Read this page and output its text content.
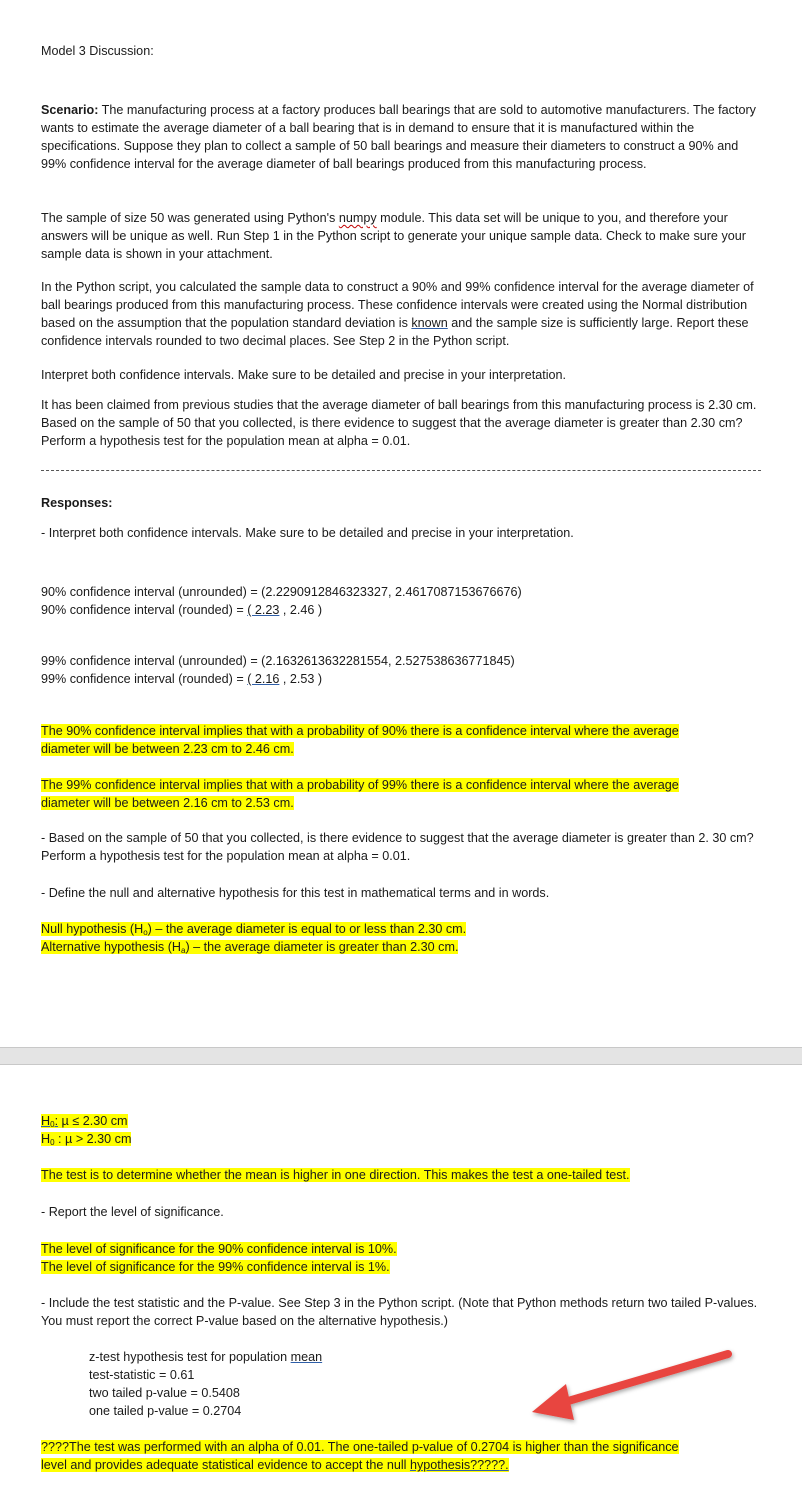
Model 3 Discussion:

Scenario: The manufacturing process at a factory produces ball bearings that are sold to automotive manufacturers. The factory wants to estimate the average diameter of a ball bearing that is in demand to ensure that it is manufactured within the specifications. Suppose they plan to collect a sample of 50 ball bearings and measure their diameters to construct a 90% and 99% confidence interval for the average diameter of ball bearings produced from this manufacturing process.

The sample of size 50 was generated using Python's numpy module. This data set will be unique to you, and therefore your answers will be unique as well. Run Step 1 in the Python script to generate your unique sample data. Check to make sure your sample data is shown in your attachment.

In the Python script, you calculated the sample data to construct a 90% and 99% confidence interval for the average diameter of ball bearings produced from this manufacturing process. These confidence intervals were created using the Normal distribution based on the assumption that the population standard deviation is known and the sample size is sufficiently large. Report these confidence intervals rounded to two decimal places. See Step 2 in the Python script.

Interpret both confidence intervals. Make sure to be detailed and precise in your interpretation.

It has been claimed from previous studies that the average diameter of ball bearings from this manufacturing process is 2.30 cm. Based on the sample of 50 that you collected, is there evidence to suggest that the average diameter is greater than 2.30 cm? Perform a hypothesis test for the population mean at alpha = 0.01.

Responses:

- Interpret both confidence intervals. Make sure to be detailed and precise in your interpretation.

90% confidence interval (unrounded) = (2.2290912846323327, 2.4617087153676676)
90% confidence interval (rounded) = ( 2.23 , 2.46 )

99% confidence interval (unrounded) = (2.1632613632281554, 2.527538636771845)
99% confidence interval (rounded) = ( 2.16 , 2.53 )

The 90% confidence interval implies that with a probability of 90% there is a confidence interval where the average
diameter will be between 2.23 cm to 2.46 cm.

The 99% confidence interval implies that with a probability of 99% there is a confidence interval where the average
diameter will be between 2.16 cm to 2.53 cm.

- Based on the sample of 50 that you collected, is there evidence to suggest that the average diameter is greater than 2. 30 cm? Perform a hypothesis test for the population mean at alpha = 0.01.

- Define the null and alternative hypothesis for this test in mathematical terms and in words.

Null hypothesis $(H_o)$ – the average diameter is equal to or less than 2.30 cm.
Alternative hypothesis $(H_a)$ – the average diameter is greater than 2.30 cm.

$H_0$: µ ≤ 2.30 cm
$H_0$ : µ > 2.30 cm

The test is to determine whether the mean is higher in one direction. This makes the test a one-tailed test.

- Report the level of significance.

The level of significance for the 90% confidence interval is 10%.
The level of significance for the 99% confidence interval is 1%.

- Include the test statistic and the P-value. See Step 3 in the Python script. (Note that Python methods return two tailed P-values. You must report the correct P-value based on the alternative hypothesis.)

z-test hypothesis test for population mean
test-statistic = 0.61
two tailed p-value = 0.5408
one tailed p-value = 0.2704

????The test was performed with an alpha of 0.01. The one-tailed p-value of 0.2704 is higher than the significance
level and provides adequate statistical evidence to accept the null hypothesis?????.
